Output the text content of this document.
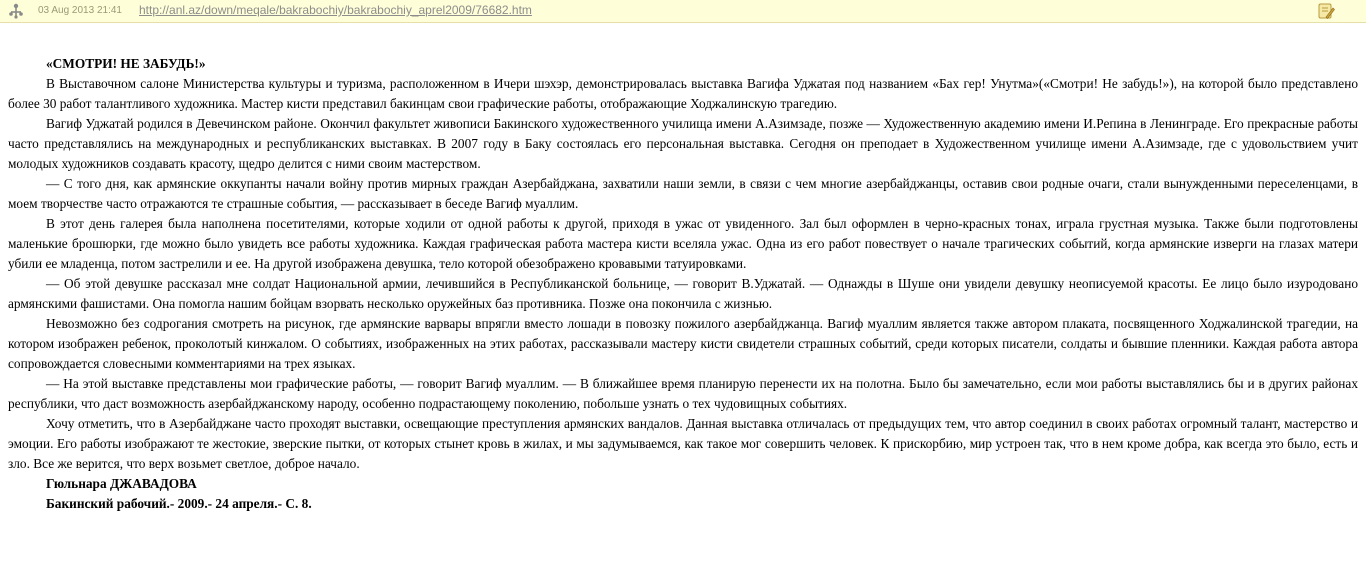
03 Aug 2013 21:41 http://anl.az/down/meqale/bakrabochiy/bakrabochiy_aprel2009/76682.htm

«СМОТРИ! НЕ ЗАБУДЬ!»

В Выставочном салоне Министерства культуры и туризма, расположенном в Ичери шэхэр, демонстрировалась выставка Вагифа Уджатая под названием «Бах гер! Унутма»(«Смотри! Не забудь!»), на которой было представлено более 30 работ талантливого художника. Мастер кисти представил бакинцам свои графические работы, отображающие Ходжалинскую трагедию.

Вагиф Уджатай родился в Девечинском районе. Окончил факультет живописи Бакинского художественного училища имени А.Азимзаде, позже — Художественную академию имени И.Репина в Ленинграде. Его прекрасные работы часто представлялись на международных и республиканских выставках. В 2007 году в Баку состоялась его персональная выставка. Сегодня он преподает в Художественном училище имени А.Азимзаде, где с удовольствием учит молодых художников создавать красоту, щедро делится с ними своим мастерством.

— С того дня, как армянские оккупанты начали войну против мирных граждан Азербайджана, захватили наши земли, в связи с чем многие азербайджанцы, оставив свои родные очаги, стали вынужденными переселенцами, в моем творчестве часто отражаются те страшные события, — рассказывает в беседе Вагиф муаллим.

В этот день галерея была наполнена посетителями, которые ходили от одной работы к другой, приходя в ужас от увиденного. Зал был оформлен в черно-красных тонах, играла грустная музыка. Также были подготовлены маленькие брошюрки, где можно было увидеть все работы художника. Каждая графическая работа мастера кисти вселяла ужас. Одна из его работ повествует о начале трагических событий, когда армянские изверги на глазах матери убили ее младенца, потом застрелили и ее. На другой изображена девушка, тело которой обезображено кровавыми татуировками.

— Об этой девушке рассказал мне солдат Национальной армии, лечившийся в Республиканской больнице, — говорит В.Уджатай. — Однажды в Шуше они увидели девушку неописуемой красоты. Ее лицо было изуродовано армянскими фашистами. Она помогла нашим бойцам взорвать несколько оружейных баз противника. Позже она покончила с жизнью.

Невозможно без содрогания смотреть на рисунок, где армянские варвары впрягли вместо лошади в повозку пожилого азербайджанца. Вагиф муаллим является также автором плаката, посвященного Ходжалинской трагедии, на котором изображен ребенок, проколотый кинжалом. О событиях, изображенных на этих работах, рассказывали мастеру кисти свидетели страшных событий, среди которых писатели, солдаты и бывшие пленники. Каждая работа автора сопровождается словесными комментариями на трех языках.

— На этой выставке представлены мои графические работы, — говорит Вагиф муаллим. — В ближайшее время планирую перенести их на полотна. Было бы замечательно, если мои работы выставлялись бы и в других районах республики, что даст возможность азербайджанскому народу, особенно подрастающему поколению, побольше узнать о тех чудовищных событиях.

Хочу отметить, что в Азербайджане часто проходят выставки, освещающие преступления армянских вандалов. Данная выставка отличалась от предыдущих тем, что автор соединил в своих работах огромный талант, мастерство и эмоции. Его работы изображают те жестокие, зверские пытки, от которых стынет кровь в жилах, и мы задумываемся, как такое мог совершить человек. К прискорбию, мир устроен так, что в нем кроме добра, как всегда это было, есть и зло. Все же верится, что верх возьмет светлое, доброе начало.

Гюльнара ДЖАВАДОВА

Бакинский рабочий.- 2009.- 24 апреля.- С. 8.
